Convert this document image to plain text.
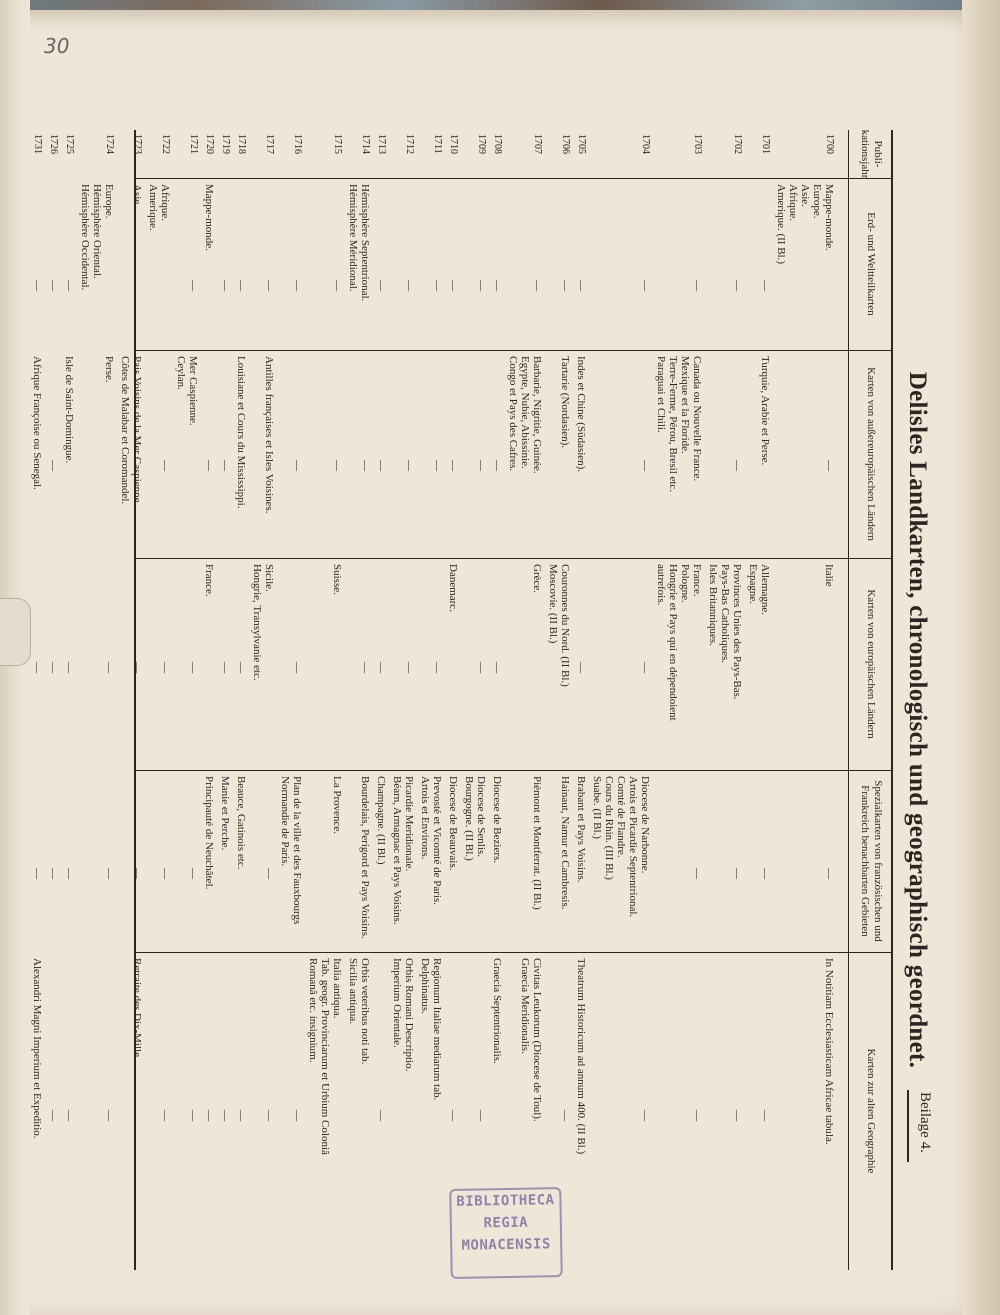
30
Delisles Landkarten, chronologisch und geographisch geordnet.
Beilage 4.
Publi- kationsjahr
Erd- und Weltteilkarten
Karten von außereuropäischen Ländern
Karten von europäischen Ländern
Spezialkarten von französischen und Frankreich benachbarten Gebieten
Karten zur alten Geographie
1700
Mappe-monde.
Europe.
Asie.
Afrique.
Amerique. (II Bl.)
—
Italie
—
In Notitiam Ecclesiasticam Africae tabula.
1701
—
Turquie, Arabie et Perse.
Allemagne.
Espagne.
—
—
1702
—
—
Provinces Unies des Pays-Bas.
Pays-Bas Catholiques.
Isles Britanniques.
—
—
1703
—
Canada ou Nouvelle France.
Mexique et la Floride.
Terre-Ferme, Pérou, Bresil etc.
Paraguai et Chili.
France.
Pologne.
Hongrie et Pays qui en dépendoient
autrefois.
—
—
1704
—
—
—
Diocese de Narbonne.
Artois et Picardie Septentrional.
Comté de Flandre.
Cours du Rhin. (III Bl.)
Suabe. (II Bl.)
—
1705
—
Indes et Chine (Südasien).
—
Brabant et Pays Voisins.
Theatrum Historicum ad annum 400. (II Bl.)
1706
—
Tartarie (Nordasien).
Couronnes du Nord. (II Bl.)
Moscovie. (II Bl.)
Hainaut, Namur et Cambresis.
—
1707
—
Barbarie, Nigritie, Guinée.
Egypte, Nubie, Abissinie.
Congo et Pays des Cafres.
Grèce.
Piémont et Montferrat. (II Bl.)
Civitas Leukorum (Diocese de Toul).
Graecia Meridionalis.
1708
—
—
—
Diocese de Beziers.
Graecia Septentrionalis.
1709
—
—
—
Diocese de Senlis.
Bourgogne. (II Bl.)
—
1710
—
—
Danemarc.
Diocese de Beauvais.
—
1711
—
—
—
Prevosté et Vicomté de Paris.
Artois et Environs.
Regionum Italiae mediarum tab.
Delphinatus.
1712
—
—
—
Picardie Meridionale.
Béarn, Armagnac et Pays Voisins.
Orbis Romani Descriptio.
Imperium Orientale.
1713
—
—
—
Champagne. (II Bl.)
—
1714
Hémisphère Septentrional.
Hémisphère Méridional.
—
—
Bourdelais, Perigord et Pays Voisins.
Orbis veteribus noti tab.
Sicilia antiqua.
1715
—
—
Suisse.
La Provence.
Italia antiqua.
Tab. geogr. Provinciarum et Urbium Coloniâ
Romanâ etc. insignium.
1716
—
—
—
Plan de la ville et des Fauxbourgs
Normandie de Paris.
—
1717
—
Antilles françaises et Isles Voisines.
Sicile.
Hongrie, Transylvanie etc.
—
—
1718
—
Louisiane et Cours du Mississippi.
—
Beauce, Gatinois etc.
—
1719
—
—
—
Manie et Perche.
—
1720
Mappe-monde.
—
France.
Principauté de Neuchâtel.
—
1721
—
Mer Caspienne.
Ceylan.
—
—
—
1722
Afrique.
Amerique.
—
—
—
—
1723
Asie.
Pais Voisins de la Mer Caspienne.
Côtes de Malabar et Coromandel.
—
—
Retraite des Dix-Mille.
1724
Europe.
Hémisphère Oriental.
Hémisphère Occidental.
Perse.
—
—
—
1725
—
Isle de Saint-Domingue.
—
—
—
1726
—
—
—
—
—
1731
—
Afrique Françoise ou Senegal.
—
—
Alexandri Magni Imperium et Expeditio.
BIBLIOTHECA
REGIA
MONACENSIS
